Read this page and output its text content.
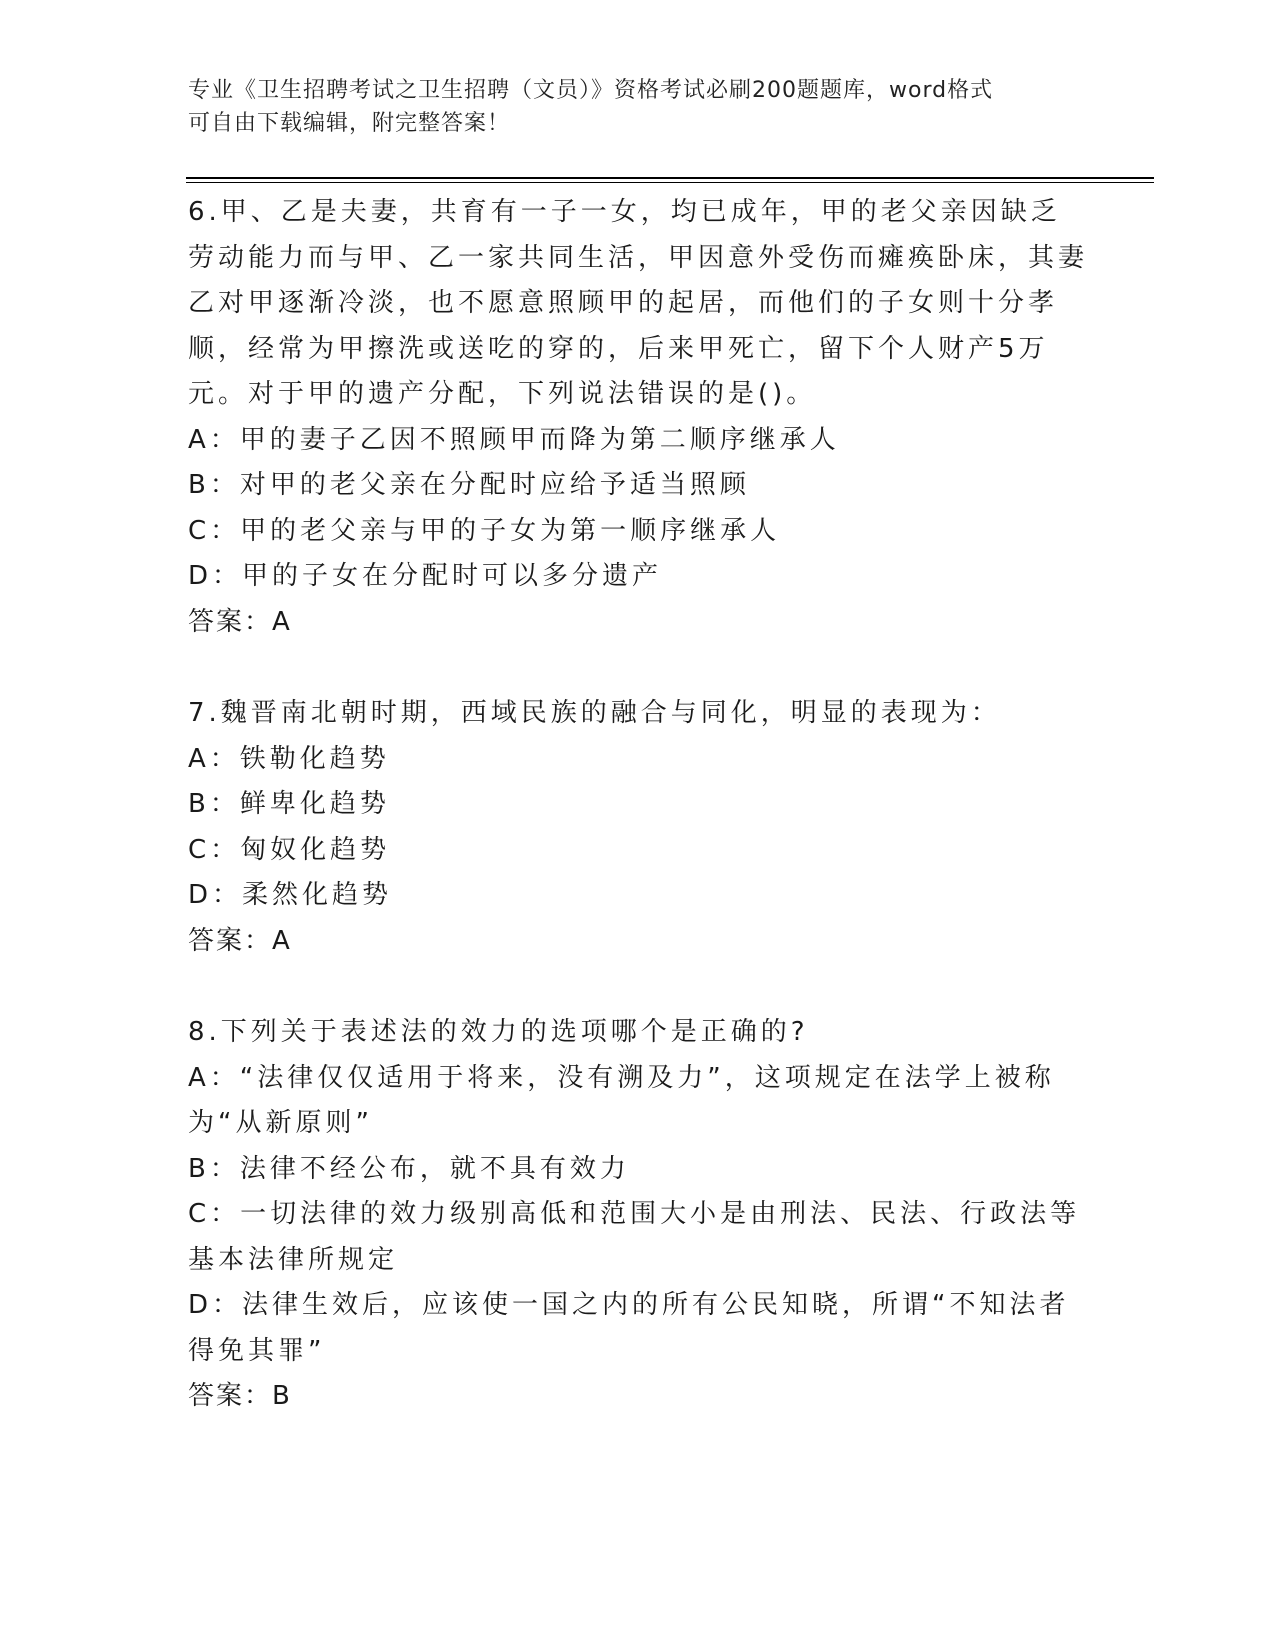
专业《卫生招聘考试之卫生招聘（文员）》资格考试必刷200题题库，word格式
可自由下载编辑，附完整答案！
6.甲、乙是夫妻，共育有一子一女，均已成年，甲的老父亲因缺乏劳动能力而与甲、乙一家共同生活，甲因意外受伤而瘫痪卧床，其妻乙对甲逐渐冷淡，也不愿意照顾甲的起居，而他们的子女则十分孝顺，经常为甲擦洗或送吃的穿的，后来甲死亡，留下个人财产5万元。对于甲的遗产分配，下列说法错误的是()。
A：甲的妻子乙因不照顾甲而降为第二顺序继承人
B：对甲的老父亲在分配时应给予适当照顾
C：甲的老父亲与甲的子女为第一顺序继承人
D：甲的子女在分配时可以多分遗产
答案：A
7.魏晋南北朝时期，西域民族的融合与同化，明显的表现为：
A：铁勒化趋势
B：鲜卑化趋势
C：匈奴化趋势
D：柔然化趋势
答案：A
8.下列关于表述法的效力的选项哪个是正确的?
A：“法律仅仅适用于将来，没有溯及力”，这项规定在法学上被称为“从新原则”
B：法律不经公布，就不具有效力
C：一切法律的效力级别高低和范围大小是由刑法、民法、行政法等基本法律所规定
D：法律生效后，应该使一国之内的所有公民知晓，所谓“不知法者得免其罪”
答案：B
